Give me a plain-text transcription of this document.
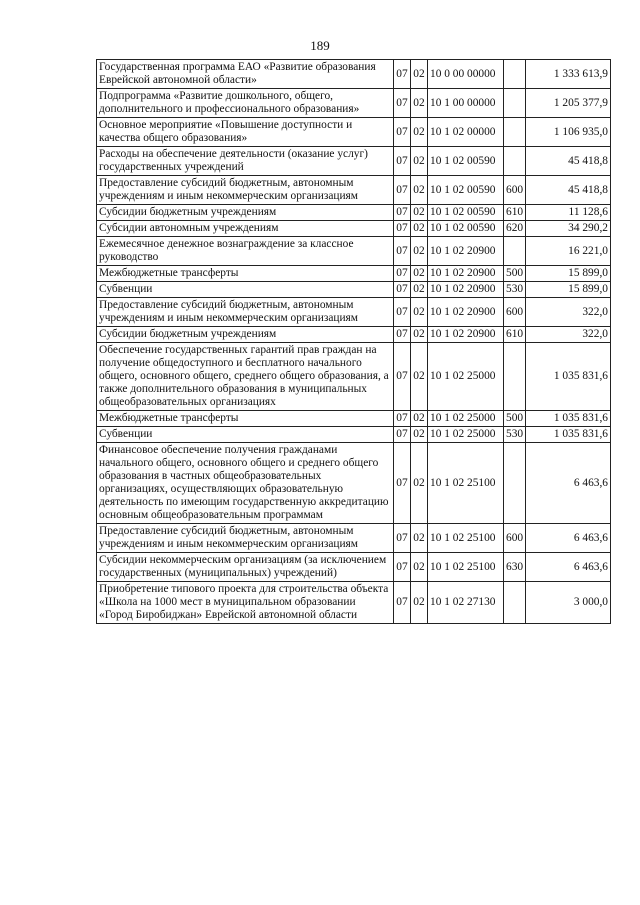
189
Государственная программа ЕАО «Развитие образования Еврейской автономной области»	07	02	10 0 00 00000		1 333 613,9
Подпрограмма «Развитие дошкольного, общего, дополнительного и профессионального образования»	07	02	10 1 00 00000		1 205 377,9
Основное мероприятие «Повышение доступности и качества общего образования»	07	02	10 1 02 00000		1 106 935,0
Расходы на обеспечение деятельности (оказание услуг) государственных учреждений	07	02	10 1 02 00590		45 418,8
Предоставление субсидий бюджетным, автономным учреждениям и иным некоммерческим организациям	07	02	10 1 02 00590	600	45 418,8
Субсидии бюджетным учреждениям	07	02	10 1 02 00590	610	11 128,6
Субсидии автономным учреждениям	07	02	10 1 02 00590	620	34 290,2
Ежемесячное денежное вознаграждение за классное руководство	07	02	10 1 02 20900		16 221,0
Межбюджетные трансферты	07	02	10 1 02 20900	500	15 899,0
Субвенции	07	02	10 1 02 20900	530	15 899,0
Предоставление субсидий бюджетным, автономным учреждениям и иным некоммерческим организациям	07	02	10 1 02 20900	600	322,0
Субсидии бюджетным учреждениям	07	02	10 1 02 20900	610	322,0
Обеспечение государственных гарантий прав граждан на получение общедоступного и бесплатного начального общего, основного общего, среднего общего образования, а также дополнительного образования в муниципальных общеобразовательных организациях	07	02	10 1 02 25000		1 035 831,6
Межбюджетные трансферты	07	02	10 1 02 25000	500	1 035 831,6
Субвенции	07	02	10 1 02 25000	530	1 035 831,6
Финансовое обеспечение получения гражданами начального общего, основного общего и среднего общего образования в частных общеобразовательных организациях, осуществляющих образовательную деятельность по имеющим государственную аккредитацию основным общеобразовательным программам	07	02	10 1 02 25100		6 463,6
Предоставление субсидий бюджетным, автономным учреждениям и иным некоммерческим организациям	07	02	10 1 02 25100	600	6 463,6
Субсидии некоммерческим организациям (за исключением государственных (муниципальных) учреждений)	07	02	10 1 02 25100	630	6 463,6
Приобретение типового проекта для строительства объекта «Школа на 1000 мест в муниципальном образовании «Город Биробиджан» Еврейской автономной области	07	02	10 1 02 27130		3 000,0
